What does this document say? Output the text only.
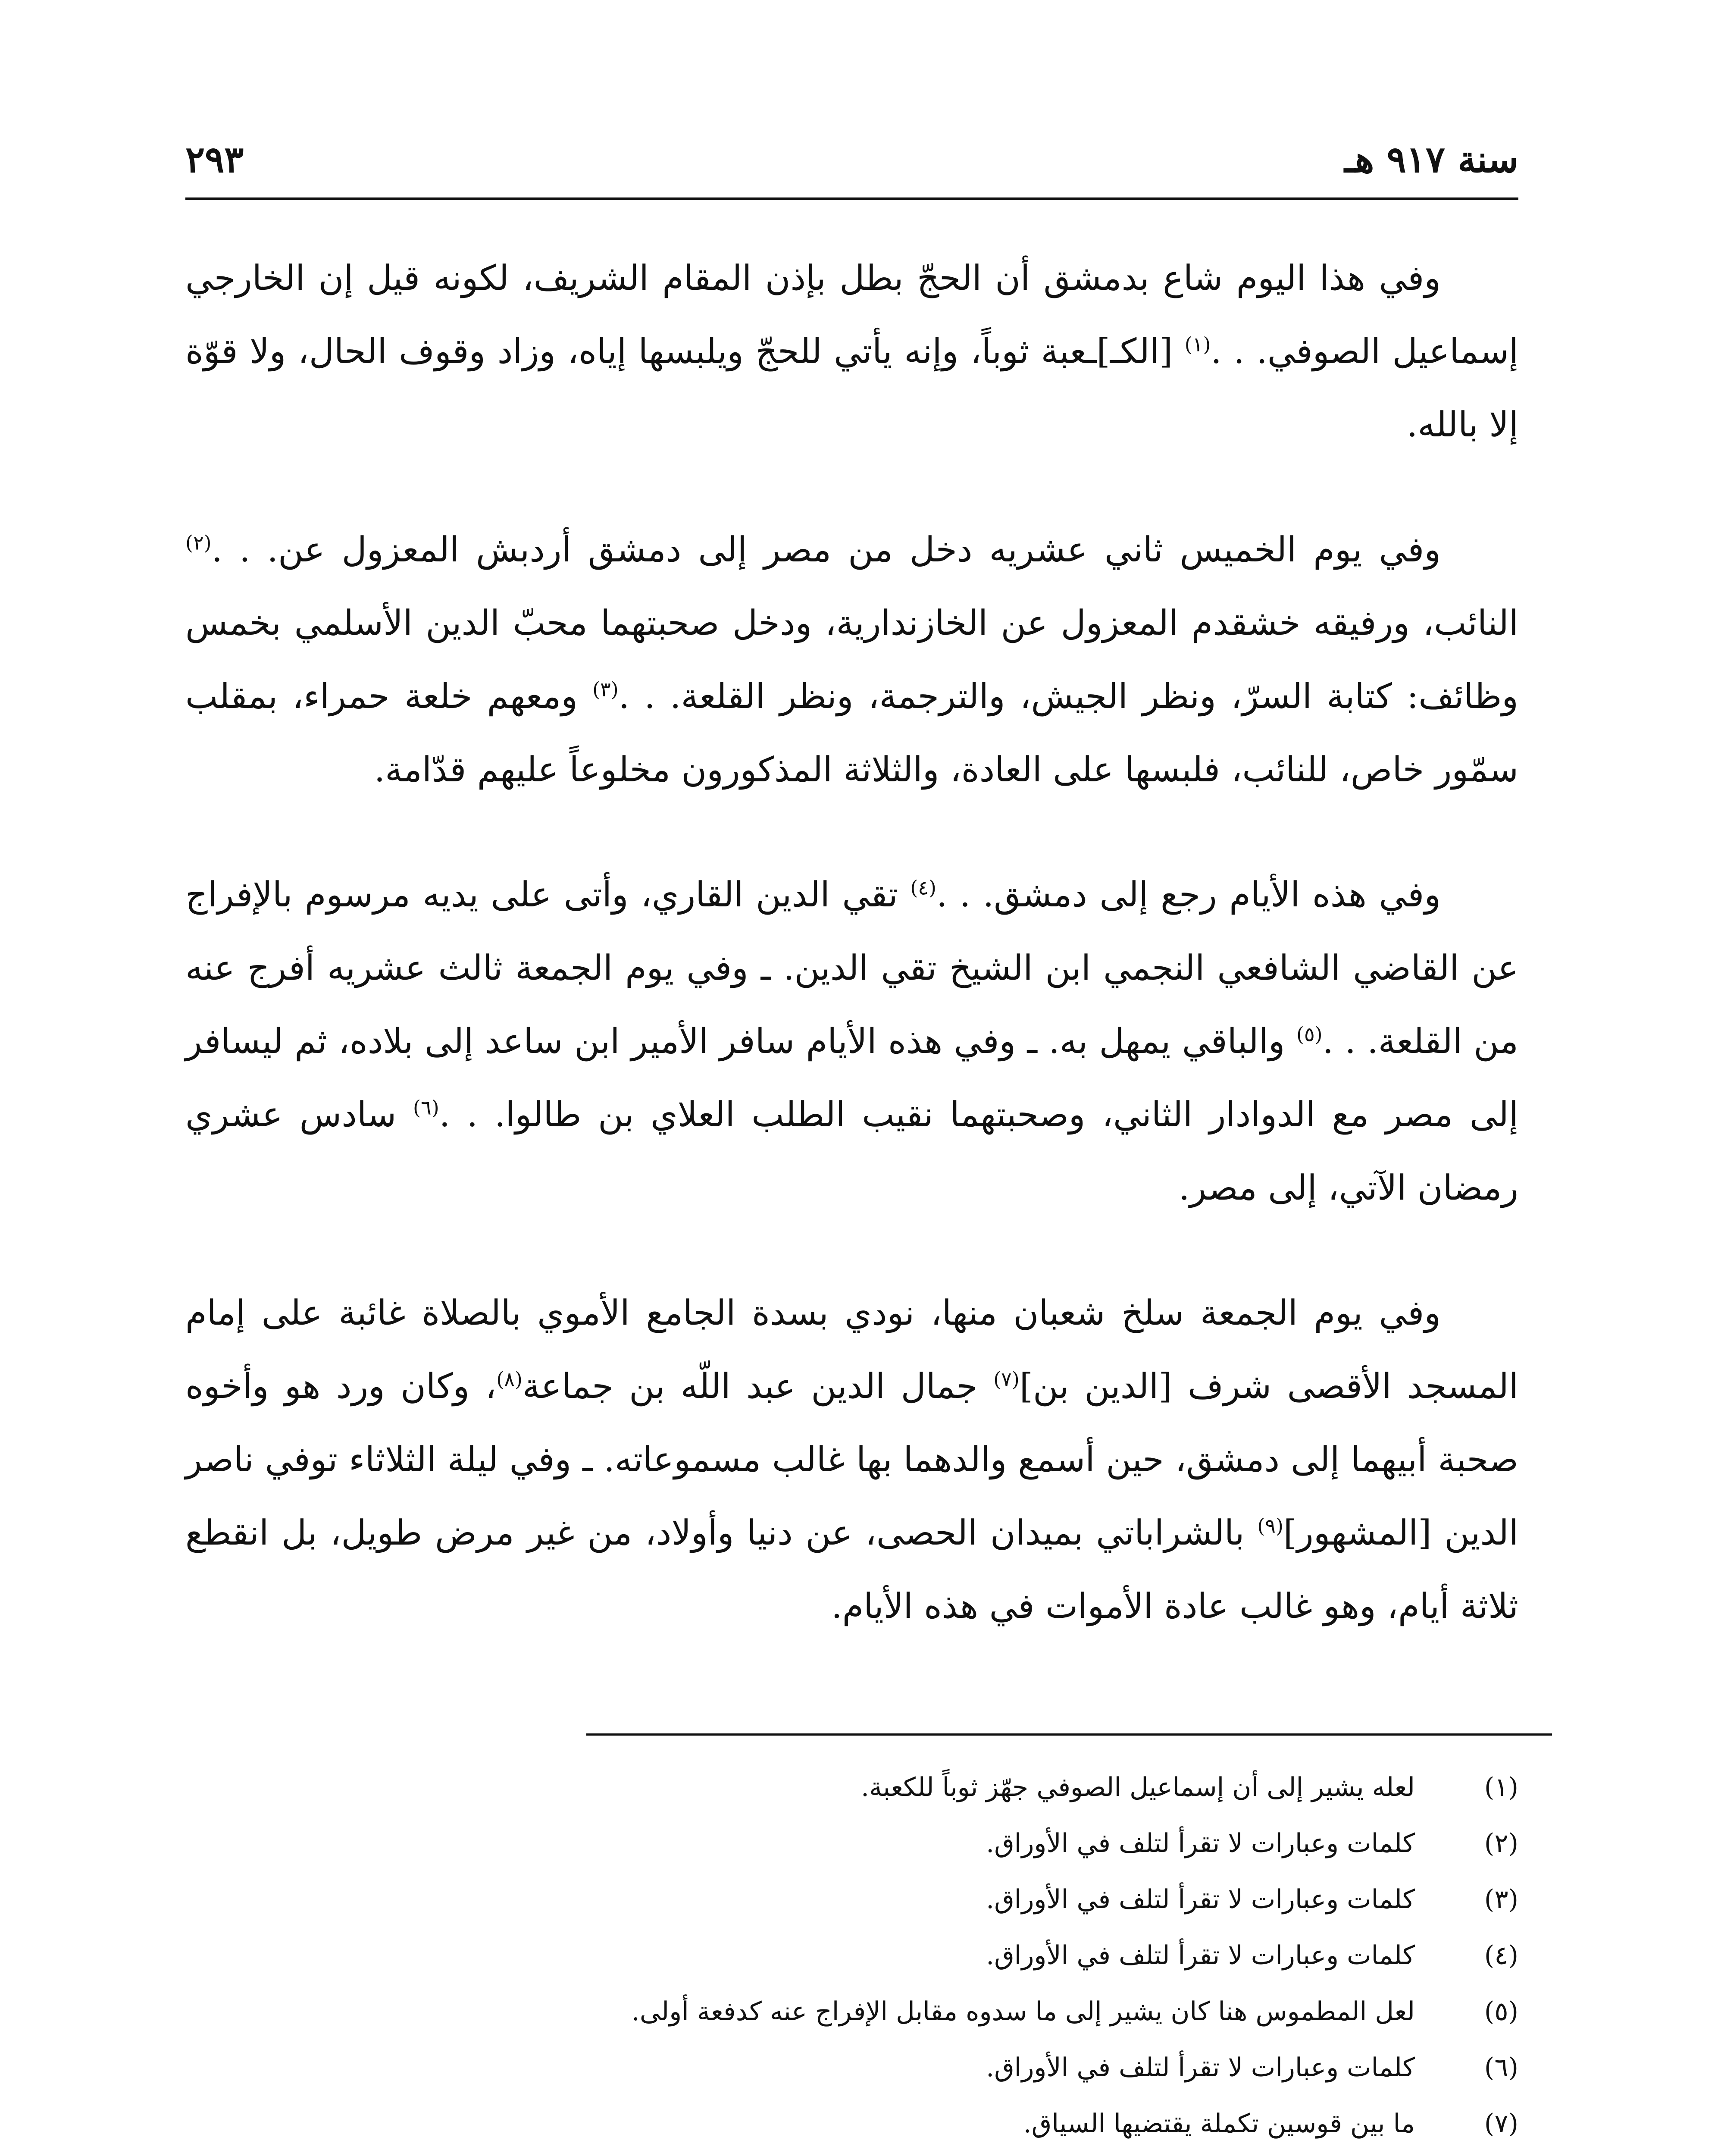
سنة ٩١٧ هـ
٢٩٣

وفي هذا اليوم شاع بدمشق أن الحجّ بطل بإذن المقام الشريف، لكونه قيل إن الخارجي إسماعيل الصوفي. . .$^{(١)}$ [الكـ]ـعبة ثوباً، وإنه يأتي للحجّ ويلبسها إياه، وزاد وقوف الحال، ولا قوّة إلا بالله.

وفي يوم الخميس ثاني عشريه دخل من مصر إلى دمشق أردبش المعزول عن. . .$^{(٢)}$ النائب، ورفيقه خشقدم المعزول عن الخازندارية، ودخل صحبتهما محبّ الدين الأسلمي بخمس وظائف: كتابة السرّ، ونظر الجيش، والترجمة، ونظر القلعة. . .$^{(٣)}$ ومعهم خلعة حمراء، بمقلب سمّور خاص، للنائب، فلبسها على العادة، والثلاثة المذكورون مخلوعاً عليهم قدّامة.

وفي هذه الأيام رجع إلى دمشق. . .$^{(٤)}$ تقي الدين القاري، وأتى على يديه مرسوم بالإفراج عن القاضي الشافعي النجمي ابن الشيخ تقي الدين. ـ وفي يوم الجمعة ثالث عشريه أفرج عنه من القلعة. . .$^{(٥)}$ والباقي يمهل به. ـ وفي هذه الأيام سافر الأمير ابن ساعد إلى بلاده، ثم ليسافر إلى مصر مع الدوادار الثاني، وصحبتهما نقيب الطلب العلاي بن طالوا. . .$^{(٦)}$ سادس عشري رمضان الآتي، إلى مصر.

وفي يوم الجمعة سلخ شعبان منها، نودي بسدة الجامع الأموي بالصلاة غائبة على إمام المسجد الأقصى شرف [الدين بن]$^{(٧)}$ جمال الدين عبد اللّه بن جماعة$^{(٨)}$، وكان ورد هو وأخوه صحبة أبيهما إلى دمشق، حين أسمع والدهما بها غالب مسموعاته. ـ وفي ليلة الثلاثاء توفي ناصر الدين [المشهور]$^{(٩)}$ بالشراباتي بميدان الحصى، عن دنيا وأولاد، من غير مرض طويل، بل انقطع ثلاثة أيام، وهو غالب عادة الأموات في هذه الأيام.

(١)
لعله يشير إلى أن إسماعيل الصوفي جهّز ثوباً للكعبة.
(٢)
كلمات وعبارات لا تقرأ لتلف في الأوراق.
(٣)
كلمات وعبارات لا تقرأ لتلف في الأوراق.
(٤)
كلمات وعبارات لا تقرأ لتلف في الأوراق.
(٥)
لعل المطموس هنا كان يشير إلى ما سدوه مقابل الإفراج عنه كدفعة أولى.
(٦)
كلمات وعبارات لا تقرأ لتلف في الأوراق.
(٧)
ما بين قوسين تكملة يقتضيها السياق.
